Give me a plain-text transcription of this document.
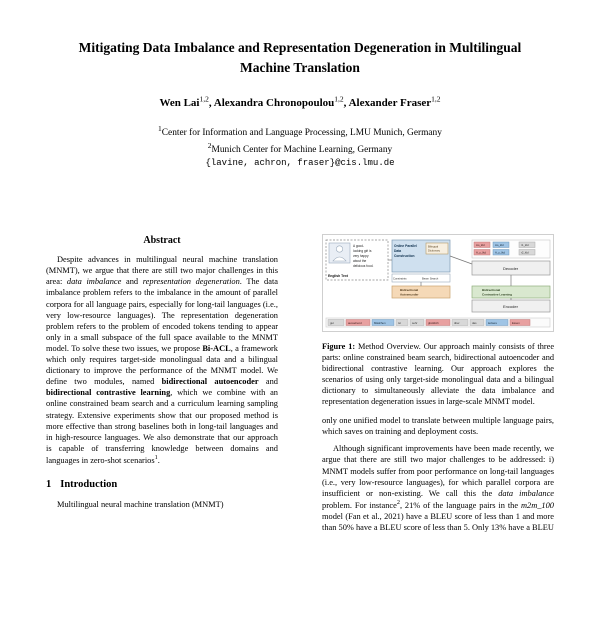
Mitigating Data Imbalance and Representation Degeneration in Multilingual Machine Translation
Wen Lai$^{1,2}$, Alexandra Chronopoulou$^{1,2}$, Alexander Fraser$^{1,2}$
$^1$Center for Information and Language Processing, LMU Munich, Germany
$^2$Munich Center for Machine Learning, Germany
{lavine, achron, fraser}@cis.lmu.de
Abstract
Despite advances in multilingual neural machine translation (MNMT), we argue that there are still two major challenges in this area: data imbalance and representation degeneration. The data imbalance problem refers to the imbalance in the amount of parallel corpora for all language pairs, especially for long-tail languages (i.e., very low-resource languages). The representation degeneration problem refers to the problem of encoded tokens tending to appear only in a small subspace of the full space available to the MNMT model. To solve these two issues, we propose Bi-ACL, a framework which only requires target-side monolingual data and a bilingual dictionary to improve the performance of the MNMT model. We define two modules, named bidirectional autoencoder and bidirectional contrastive learning, which we combine with an online constrained beam search and a curriculum learning sampling strategy. Extensive experiments show that our proposed method is more effective than strong baselines both in long-tail languages and in high-resource languages. We also demonstrate that our approach is capable of transferring knowledge between domains and languages in zero-shot scenarios$^1$.
1 Introduction
Multilingual neural machine translation (MNMT)
A good-
looking girl is
very happy
about the
delicious food.
English Text
Online Parallel
Data
Construction
Bilingual
Dictionary
Constraints	Beam Search
Ao_kld	Ao_kld	r1_kld
A_y_lkd	A_y_lkd	r2_kld
Decoder
Bidirectional
Autoencoder
Bidirectional
Contrastive Learning
Encoder
gut	aussehend	Mädchen	ist	sehr	glücklich	über	das	leckere	Essen
Figure 1: Method Overview. Our approach mainly consists of three parts: online constrained beam search, bidirectional autoencoder and bidirectional contrastive learning. Our approach explores the scenarios of using only target-side monolingual data and a bilingual dictionary to simultaneously alleviate the data imbalance and representation degeneration issues in large-scale MNMT model.
only one unified model to translate between multiple language pairs, which saves on training and deployment costs.
Although significant improvements have been made recently, we argue that there are still two major challenges to be addressed: i) MNMT models suffer from poor performance on long-tail languages (i.e., very low-resource languages), for which parallel corpora are insufficient or non-existing. We call this the data imbalance problem. For instance$^2$, 21% of the language pairs in the m2m_100 model (Fan et al., 2021) have a BLEU score of less than 1 and more than 50% have a BLEU score of less than 5. Only 13% have a BLEU
